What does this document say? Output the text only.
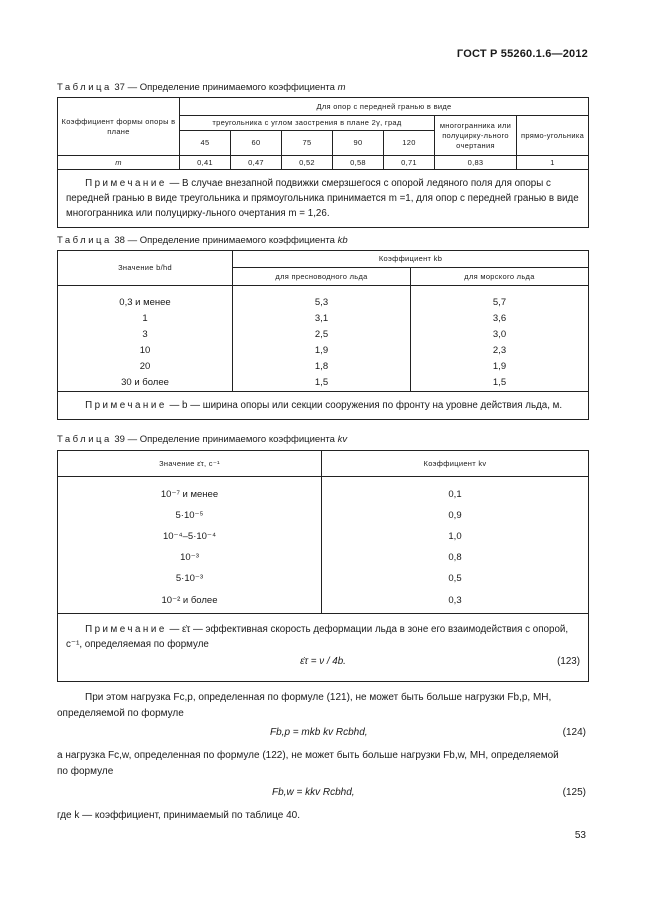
ГОСТ Р 55260.1.6—2012
Таблица 37 — Определение принимаемого коэффициента m
Коэффициент формы опоры в плане	Для опор с передней гранью в виде						
	треугольника с углом заострения в плане 2γ, град					многогранника или полуцирку-льного очертания	прямо-угольника
	45	60	75	90	120		
m	0,41	0,47	0,52	0,58	0,71	0,83	1
Примечание — В случае внезапной подвижки смерзшегося с опорой ледяного поля для опоры с передней гранью в виде треугольника и прямоугольника принимается m =1, для опор с передней гранью в виде многогранника или полуцирку-льного очертания m = 1,26.							
Таблица 38 — Определение принимаемого коэффициента kb
Значение b/hd	Коэффициент kb	
	для пресноводного льда	для морского льда

0,3 и менее	5,3	5,7
1	3,1	3,6
3	2,5	3,0
10	1,9	2,3
20	1,8	1,9
30 и более	1,5	1,5
Примечание — b — ширина опоры или секции сооружения по фронту на уровне действия льда, м.		
Таблица 39 — Определение принимаемого коэффициента kv
Значение ε̇τ, c⁻¹	Коэффициент kv

10⁻⁷ и менее	0,1
5·10⁻⁵	0,9
10⁻⁴–5·10⁻⁴	1,0
10⁻³	0,8
5·10⁻³	0,5
10⁻² и более	0,3

Примечание — ε̇τ — эффективная скорость деформации льда в зоне его взаимодействия с опорой,
c⁻¹, определяемая по формуле
ε̇τ = ν / 4b. (123)	
При этом нагрузка Fc,p, определенная по формуле (121), не может быть больше нагрузки Fb,p, МН,
определяемой по формуле
Fb,p = mkb kv Rcbhd,	(124)
а нагрузка Fc,w, определенная по формуле (122), не может быть больше нагрузки Fb,w, МН, определяемой
по формуле
Fb,w = kkv Rcbhd,	(125)
где k — коэффициент, принимаемый по таблице 40.
53
